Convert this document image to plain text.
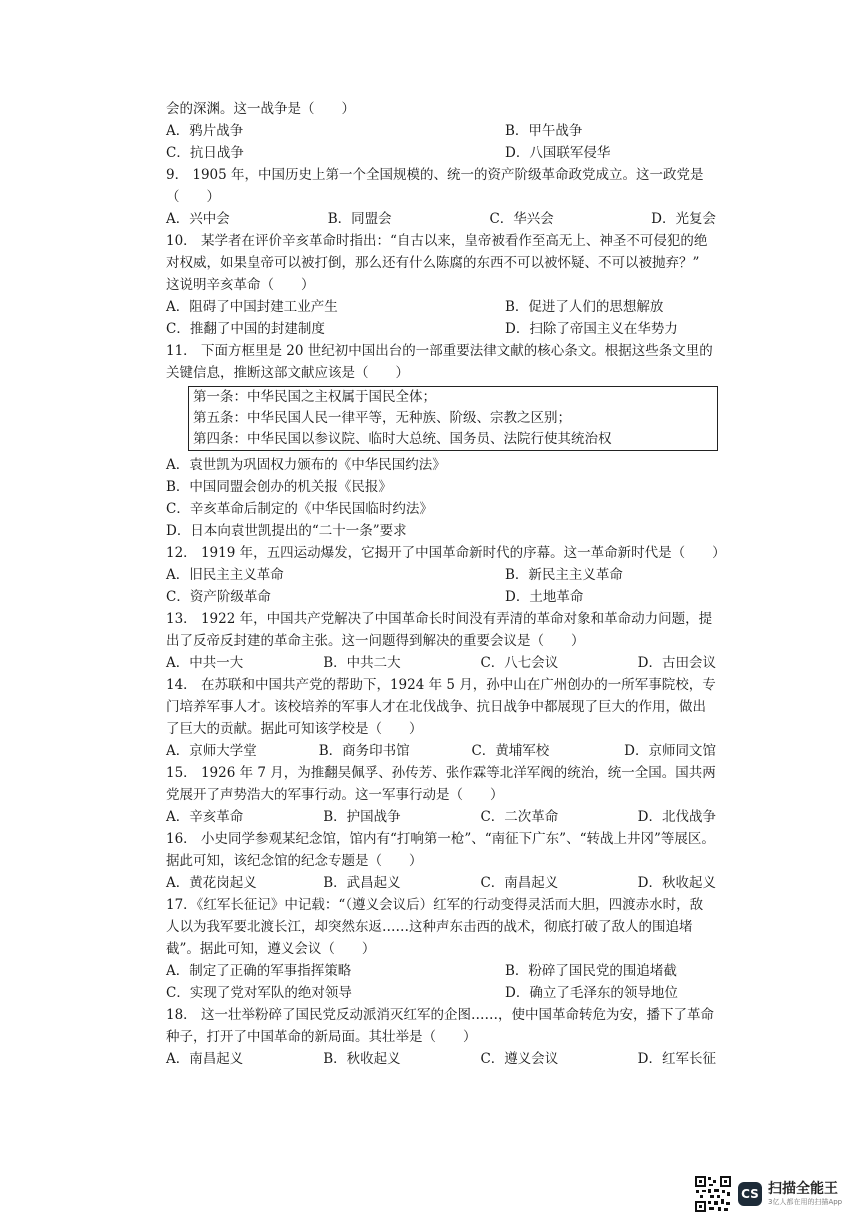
会的深渊。这一战争是（　　）
A．鸦片战争	B．甲午战争
C．抗日战争	D．八国联军侵华
9． 1905 年，中国历史上第一个全国规模的、统一的资产阶级革命政党成立。这一政党是
（　　）
A．兴中会	B．同盟会	C．华兴会	D．光复会
10． 某学者在评价辛亥革命时指出：“自古以来，皇帝被看作至高无上、神圣不可侵犯的绝
对权威，如果皇帝可以被打倒，那么还有什么陈腐的东西不可以被怀疑、不可以被抛弃？”
这说明辛亥革命（　　）
A．阻碍了中国封建工业产生	B．促进了人们的思想解放
C．推翻了中国的封建制度	D．扫除了帝国主义在华势力
11． 下面方框里是 20 世纪初中国出台的一部重要法律文献的核心条文。根据这些条文里的
关键信息，推断这部文献应该是（　　）
第一条：中华民国之主权属于国民全体；
第五条：中华民国人民一律平等，无种族、阶级、宗教之区别；
第四条：中华民国以参议院、临时大总统、国务员、法院行使其统治权
A．袁世凯为巩固权力颁布的《中华民国约法》
B．中国同盟会创办的机关报《民报》
C．辛亥革命后制定的《中华民国临时约法》
D．日本向袁世凯提出的“二十一条”要求
12． 1919 年，五四运动爆发，它揭开了中国革命新时代的序幕。这一革命新时代是（　　）
A．旧民主主义革命	B．新民主主义革命
C．资产阶级革命	D．土地革命
13． 1922 年，中国共产党解决了中国革命长时间没有弄清的革命对象和革命动力问题，提
出了反帝反封建的革命主张。这一问题得到解决的重要会议是（　　）
A．中共一大	B．中共二大	C．八七会议	D．古田会议
14． 在苏联和中国共产党的帮助下，1924 年 5 月，孙中山在广州创办的一所军事院校，专
门培养军事人才。该校培养的军事人才在北伐战争、抗日战争中都展现了巨大的作用，做出
了巨大的贡献。据此可知该学校是（　　）
A．京师大学堂	B．商务印书馆	C．黄埔军校	D．京师同文馆
15． 1926 年 7 月，为推翻吴佩孚、孙传芳、张作霖等北洋军阀的统治，统一全国。国共两
党展开了声势浩大的军事行动。这一军事行动是（　　）
A．辛亥革命	B．护国战争	C．二次革命	D．北伐战争
16． 小史同学参观某纪念馆，馆内有“打响第一枪”、“南征下广东”、“转战上井冈”等展区。
据此可知，该纪念馆的纪念专题是（　　）
A．黄花岗起义	B．武昌起义	C．南昌起义	D．秋收起义
17．《红军长征记》中记载：“（遵义会议后）红军的行动变得灵活而大胆，四渡赤水时，敌
人以为我军要北渡长江，却突然东返……这种声东击西的战术，彻底打破了敌人的围追堵
截”。据此可知，遵义会议（　　）
A．制定了正确的军事指挥策略	B．粉碎了国民党的围追堵截
C．实现了党对军队的绝对领导	D．确立了毛泽东的领导地位
18． 这一壮举粉碎了国民党反动派消灭红军的企图……，使中国革命转危为安，播下了革命
种子，打开了中国革命的新局面。其壮举是（　　）
A．南昌起义	B．秋收起义	C．遵义会议	D．红军长征
CS 扫描全能王
3亿人都在用的扫描App
